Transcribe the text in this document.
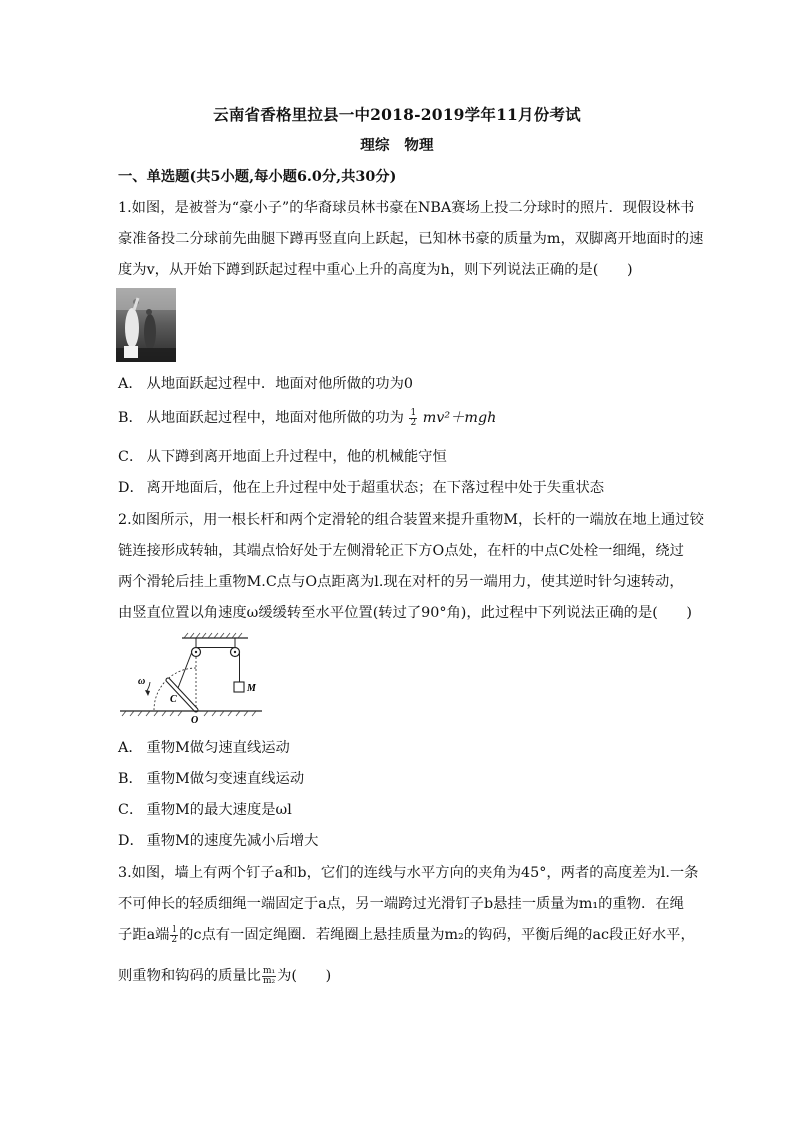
云南省香格里拉县一中2018-2019学年11月份考试
理综　物理
一、单选题(共5小题,每小题6.0分,共30分)
1.如图，是被誉为“豪小子”的华裔球员林书豪在NBA赛场上投二分球时的照片．现假设林书
豪准备投二分球前先曲腿下蹲再竖直向上跃起，已知林书豪的质量为m，双脚离开地面时的速
度为v，从开始下蹲到跃起过程中重心上升的高度为h，则下列说法正确的是(　　)
A． 从地面跃起过程中．地面对他所做的功为0
B． 从地面跃起过程中，地面对他所做的功为 $\frac{1}{2} mv^2+mgh$
C． 从下蹲到离开地面上升过程中，他的机械能守恒
D． 离开地面后，他在上升过程中处于超重状态；在下落过程中处于失重状态
2.如图所示，用一根长杆和两个定滑轮的组合装置来提升重物M，长杆的一端放在地上通过铰
链连接形成转轴，其端点恰好处于左侧滑轮正下方O点处，在杆的中点C处栓一细绳，绕过
两个滑轮后挂上重物M.C点与O点距离为l.现在对杆的另一端用力，使其逆时针匀速转动，
由竖直位置以角速度ω缓缓转至水平位置(转过了90°角)，此过程中下列说法正确的是(　　)
M
ω
C
O
A． 重物M做匀速直线运动
B． 重物M做匀变速直线运动
C． 重物M的最大速度是ωl
D． 重物M的速度先减小后增大
3.如图，墙上有两个钉子a和b，它们的连线与水平方向的夹角为45°，两者的高度差为l.一条
不可伸长的轻质细绳一端固定于a点，另一端跨过光滑钉子b悬挂一质量为m₁的重物．在绳
子距a端 $\frac{l}{2}$ 的c点有一固定绳圈．若绳圈上悬挂质量为m₂的钩码，平衡后绳的ac段正好水平，
则重物和钩码的质量比 $\frac{\text{m₁}}{\text{m₂}}$ 为(　　)
